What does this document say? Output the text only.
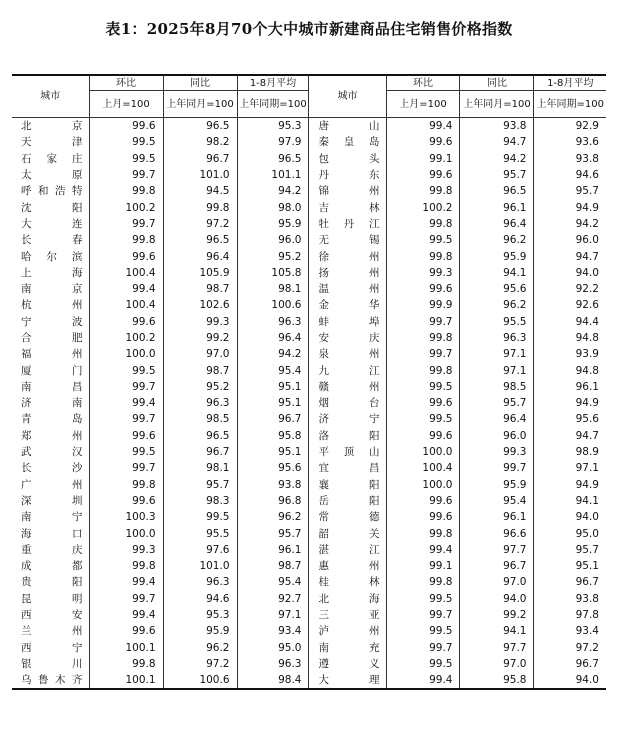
表1：2025年8月70个大中城市新建商品住宅销售价格指数
城市	环比	同比	1-8月平均	城市	环比	同比	1-8月平均
	上月=100	上年同月=100	上年同期=100		上月=100	上年同月=100	上年同期=100
北　京	99.6	96.5	95.3	唐　山	99.4	93.8	92.9
天　津	99.5	98.2	97.9	秦皇岛	99.6	94.7	93.6
石家庄	99.5	96.7	96.5	包　头	99.1	94.2	93.8
太　原	99.7	101.0	101.1	丹　东	99.6	95.7	94.6
呼和浩特	99.8	94.5	94.2	锦　州	99.8	96.5	95.7
沈　阳	100.2	99.8	98.0	吉　林	100.2	96.1	94.9
大　连	99.7	97.2	95.9	牡丹江	99.8	96.4	94.2
长　春	99.8	96.5	96.0	无　锡	99.5	96.2	96.0
哈尔滨	99.6	96.4	95.2	徐　州	99.8	95.9	94.7
上　海	100.4	105.9	105.8	扬　州	99.3	94.1	94.0
南　京	99.4	98.7	98.1	温　州	99.6	95.6	92.2
杭　州	100.4	102.6	100.6	金　华	99.9	96.2	92.6
宁　波	99.6	99.3	96.3	蚌　埠	99.7	95.5	94.4
合　肥	100.2	99.2	96.4	安　庆	99.8	96.3	94.8
福　州	100.0	97.0	94.2	泉　州	99.7	97.1	93.9
厦　门	99.5	98.7	95.4	九　江	99.8	97.1	94.8
南　昌	99.7	95.2	95.1	赣　州	99.5	98.5	96.1
济　南	99.4	96.3	95.1	烟　台	99.6	95.7	94.9
青　岛	99.7	98.5	96.7	济　宁	99.5	96.4	95.6
郑　州	99.6	96.5	95.8	洛　阳	99.6	96.0	94.7
武　汉	99.5	96.7	95.1	平顶山	100.0	99.3	98.9
长　沙	99.7	98.1	95.6	宜　昌	100.4	99.7	97.1
广　州	99.8	95.7	93.8	襄　阳	100.0	95.9	94.9
深　圳	99.6	98.3	96.8	岳　阳	99.6	95.4	94.1
南　宁	100.3	99.5	96.2	常　德	99.6	96.1	94.0
海　口	100.0	95.5	95.7	韶　关	99.8	96.6	95.0
重　庆	99.3	97.6	96.1	湛　江	99.4	97.7	95.7
成　都	99.8	101.0	98.7	惠　州	99.1	96.7	95.1
贵　阳	99.4	96.3	95.4	桂　林	99.8	97.0	96.7
昆　明	99.7	94.6	92.7	北　海	99.5	94.0	93.8
西　安	99.4	95.3	97.1	三　亚	99.7	99.2	97.8
兰　州	99.6	95.9	93.4	泸　州	99.5	94.1	93.4
西　宁	100.1	96.2	95.0	南　充	99.7	97.7	97.2
银　川	99.8	97.2	96.3	遵　义	99.5	97.0	96.7
乌鲁木齐	100.1	100.6	98.4	大　理	99.4	95.8	94.0
